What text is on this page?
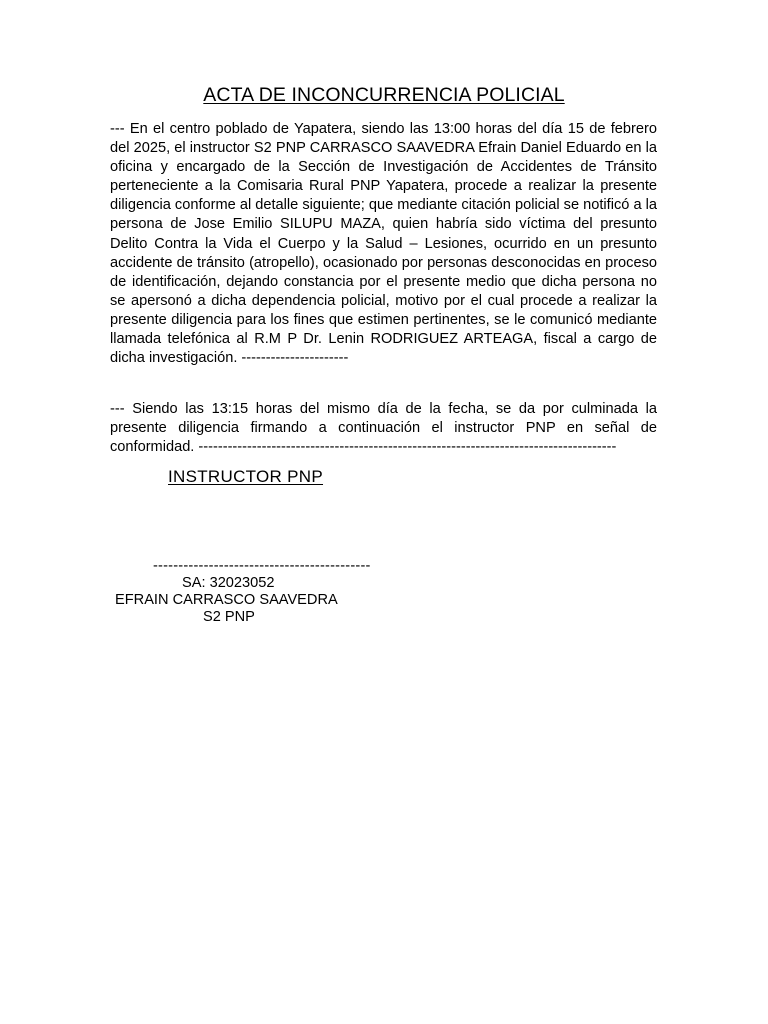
ACTA DE INCONCURRENCIA POLICIAL
--- En el centro poblado de Yapatera, siendo las 13:00 horas del día 15 de febrero del 2025, el instructor S2 PNP CARRASCO SAAVEDRA Efrain Daniel Eduardo en la oficina y encargado de la Sección de Investigación de Accidentes de Tránsito perteneciente a la Comisaria Rural PNP Yapatera, procede a realizar la presente diligencia conforme al detalle siguiente; que mediante citación policial se notificó a la persona de Jose Emilio SILUPU MAZA, quien habría sido víctima del presunto Delito Contra la Vida el Cuerpo y la Salud – Lesiones, ocurrido en un presunto accidente de tránsito (atropello), ocasionado por personas desconocidas en proceso de identificación, dejando constancia por el presente medio que dicha persona no se apersonó a dicha dependencia policial, motivo por el cual procede a realizar la presente diligencia para los fines que estimen pertinentes, se le comunicó mediante llamada telefónica al R.M P Dr. Lenin RODRIGUEZ ARTEAGA, fiscal a cargo de dicha investigación. ----------------------
--- Siendo las 13:15 horas del mismo día de la fecha, se da por culminada la presente diligencia firmando a continuación el instructor PNP en señal de conformidad. --------------------------------------------------------------------------------------
INSTRUCTOR PNP
-------------------------------------------
SA: 32023052
EFRAIN CARRASCO SAAVEDRA
S2 PNP
